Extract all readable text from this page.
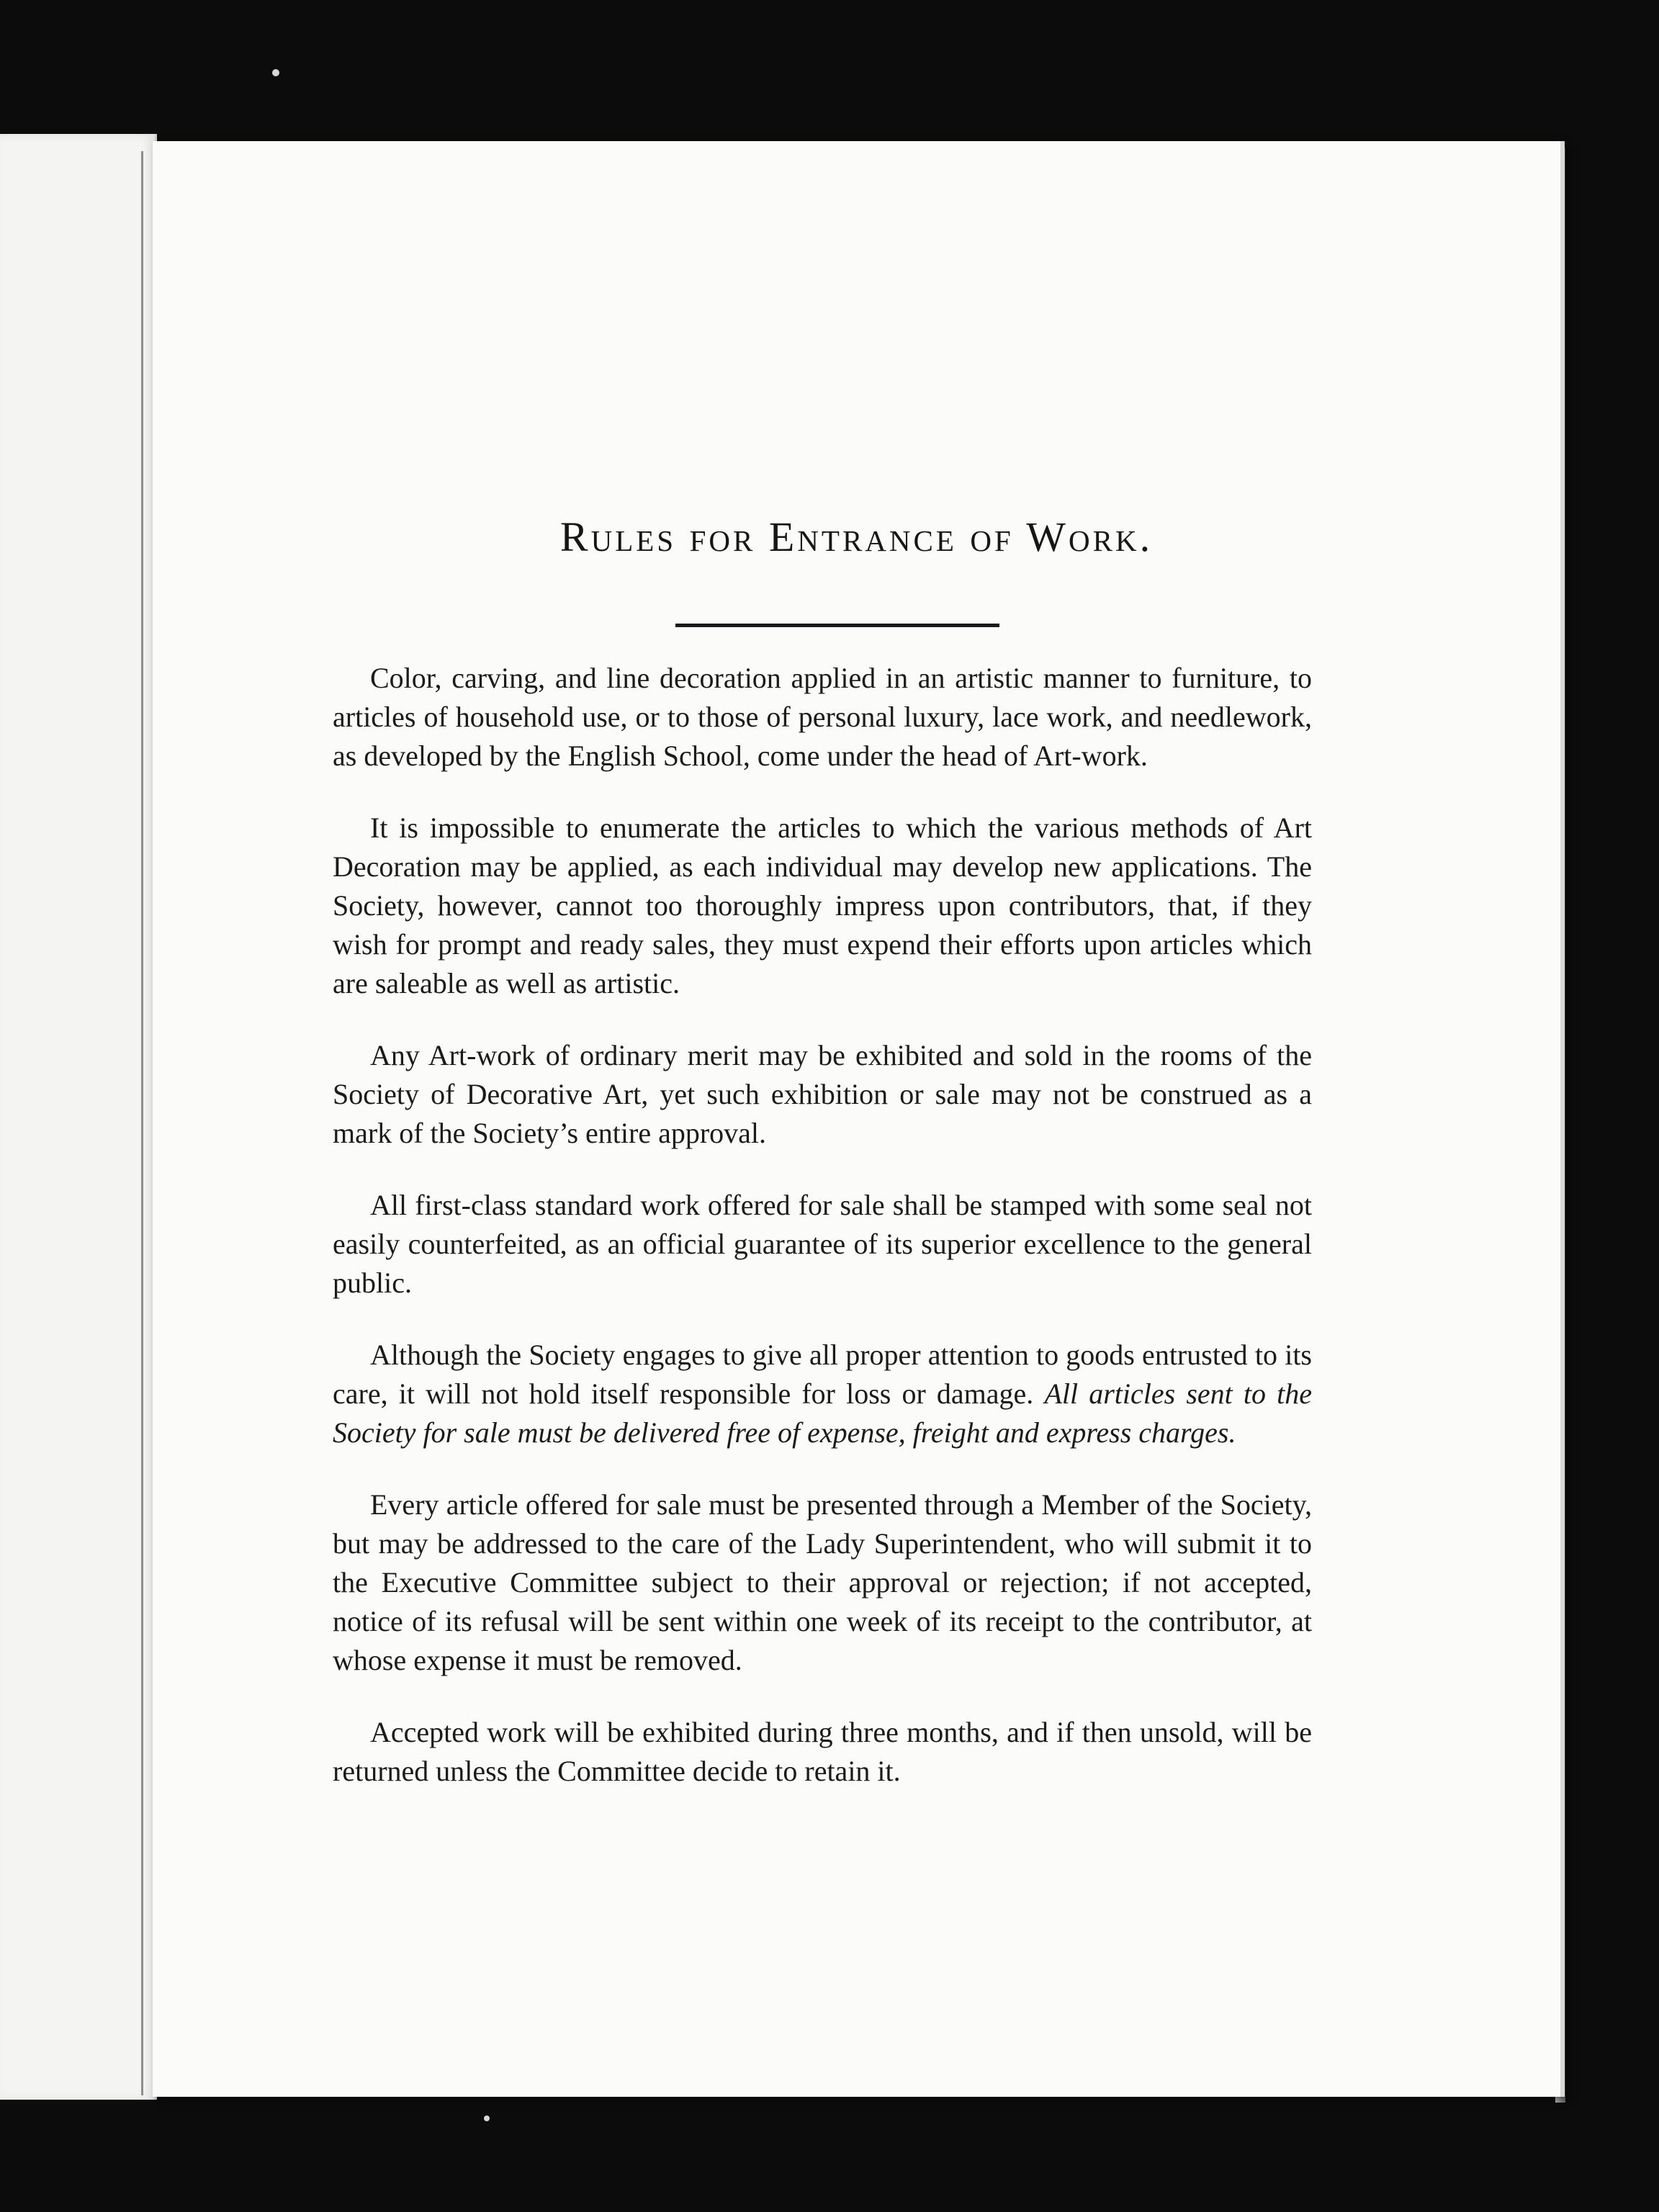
Rules for Entrance of Work.

Color, carving, and line decoration applied in an artistic manner to furniture, to articles of household use, or to those of personal luxury, lace work, and needlework, as developed by the English School, come under the head of Art-work.

It is impossible to enumerate the articles to which the various methods of Art Decoration may be applied, as each individual may develop new applications. The Society, however, cannot too thoroughly impress upon contributors, that, if they wish for prompt and ready sales, they must expend their efforts upon articles which are saleable as well as artistic.

Any Art-work of ordinary merit may be exhibited and sold in the rooms of the Society of Decorative Art, yet such exhibition or sale may not be construed as a mark of the Society’s entire approval.

All first-class standard work offered for sale shall be stamped with some seal not easily counterfeited, as an official guarantee of its superior excellence to the general public.

Although the Society engages to give all proper attention to goods entrusted to its care, it will not hold itself responsible for loss or damage. All articles sent to the Society for sale must be delivered free of expense, freight and express charges.

Every article offered for sale must be presented through a Member of the Society, but may be addressed to the care of the Lady Superintendent, who will submit it to the Executive Committee subject to their approval or rejection; if not accepted, notice of its refusal will be sent within one week of its receipt to the contributor, at whose expense it must be removed.

Accepted work will be exhibited during three months, and if then unsold, will be returned unless the Committee decide to retain it.
